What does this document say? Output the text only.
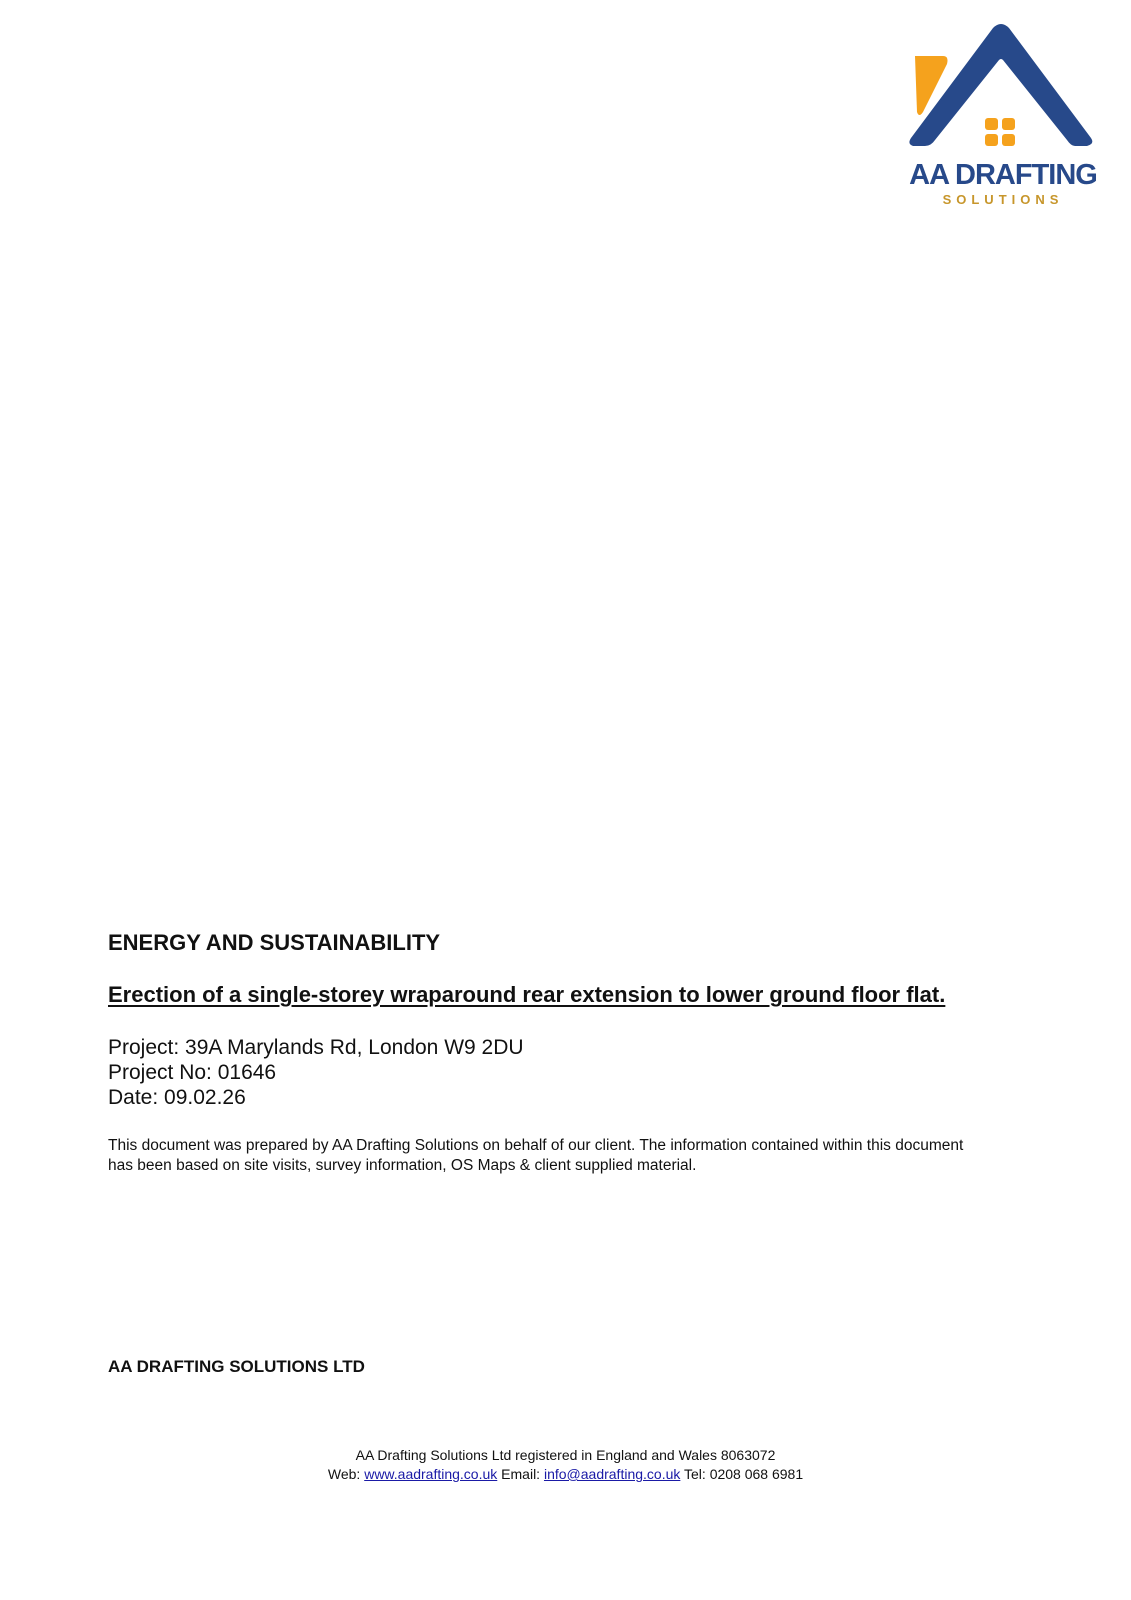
AA DRAFTING
SOLUTIONS
ENERGY AND SUSTAINABILITY
Erection of a single-storey wraparound rear extension to lower ground floor flat.
Project: 39A Marylands Rd, London W9 2DU
Project No: 01646
Date: 09.02.26
This document was prepared by AA Drafting Solutions on behalf of our client. The information contained within this document has been based on site visits, survey information, OS Maps & client supplied material.
AA DRAFTING SOLUTIONS LTD
AA Drafting Solutions Ltd registered in England and Wales 8063072
Web: www.aadrafting.co.uk Email: info@aadrafting.co.uk Tel: 0208 068 6981
